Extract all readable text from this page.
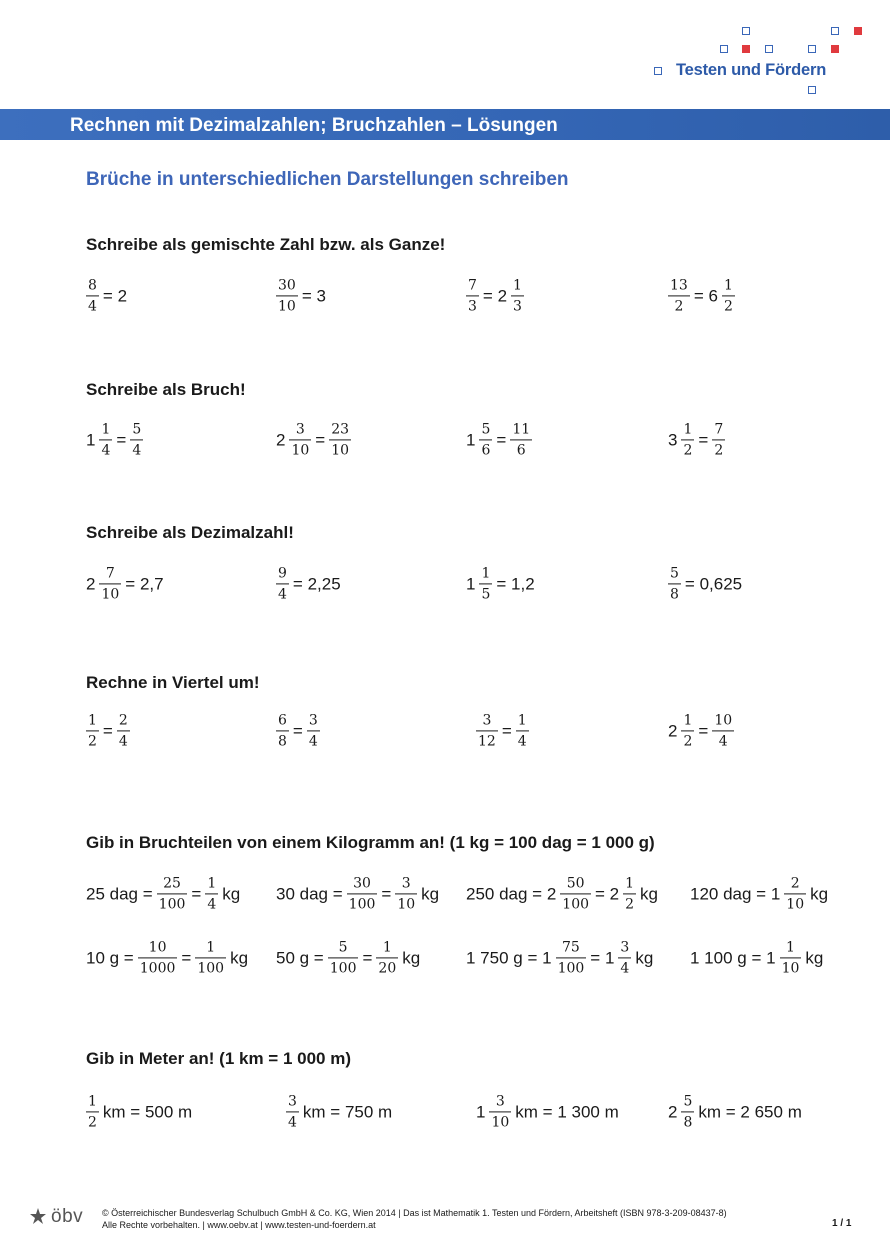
Testen und Fördern
Rechnen mit Dezimalzahlen; Bruchzahlen – Lösungen
Brüche in unterschiedlichen Darstellungen schreiben
Schreibe als gemischte Zahl bzw. als Ganze!
Schreibe als Bruch!
Schreibe als Dezimalzahl!
Rechne in Viertel um!
Gib in Bruchteilen von einem Kilogramm an! (1 kg = 100 dag = 1 000 g)
Gib in Meter an! (1 km = 1 000 m)
$\frac{8}{4} = 2$	$\frac{30}{10} = 3$	$\frac{7}{3} = 2 \frac{1}{3}$	$\frac{13}{2} = 6 \frac{1}{2}$
$1 \frac{1}{4} = \frac{5}{4}$	$2 \frac{3}{10} = \frac{23}{10}$	$1 \frac{5}{6} = \frac{11}{6}$	$3 \frac{1}{2} = \frac{7}{2}$
$2 \frac{7}{10} = 2,7$	$\frac{9}{4} = 2,25$	$1 \frac{1}{5} = 1,2$	$\frac{5}{8} = 0,625$
$\frac{1}{2} = \frac{2}{4}$	$\frac{6}{8} = \frac{3}{4}$	$\frac{3}{12} = \frac{1}{4}$	$2 \frac{1}{2} = \frac{10}{4}$
25 dag = $\frac{25}{100} = \frac{1}{4}$ kg 30 dag = $\frac{30}{100} = \frac{3}{10}$ kg 250 dag = $2 \frac{50}{100} = 2 \frac{1}{2}$ kg 120 dag = $1 \frac{2}{10}$ kg
10 $g = \frac{10}{1000} = \frac{1}{100}$ kg 50 $g = \frac{5}{100} = \frac{1}{20}$ kg	1 750 $g = 1 \frac{75}{100} = 1 \frac{3}{4}$ kg 1 100 $g = 1 \frac{1}{10}$ kg
$\frac{1}{2}$ km = 500 m	$\frac{3}{4}$ km = 750 m	$1 \frac{3}{10}$ km = 1 300 m	$2 \frac{5}{8}$ km = 2 650 m
öbv © Österreichischer Bundesverlag Schulbuch GmbH & Co. KG, Wien 2014 | Das ist Mathematik 1. Testen und Fördern, Arbeitsheft (ISBN 978-3-209-08437-8)
Alle Rechte vorbehalten. | www.oebv.at | www.testen-und-foerdern.at	1 / 1
